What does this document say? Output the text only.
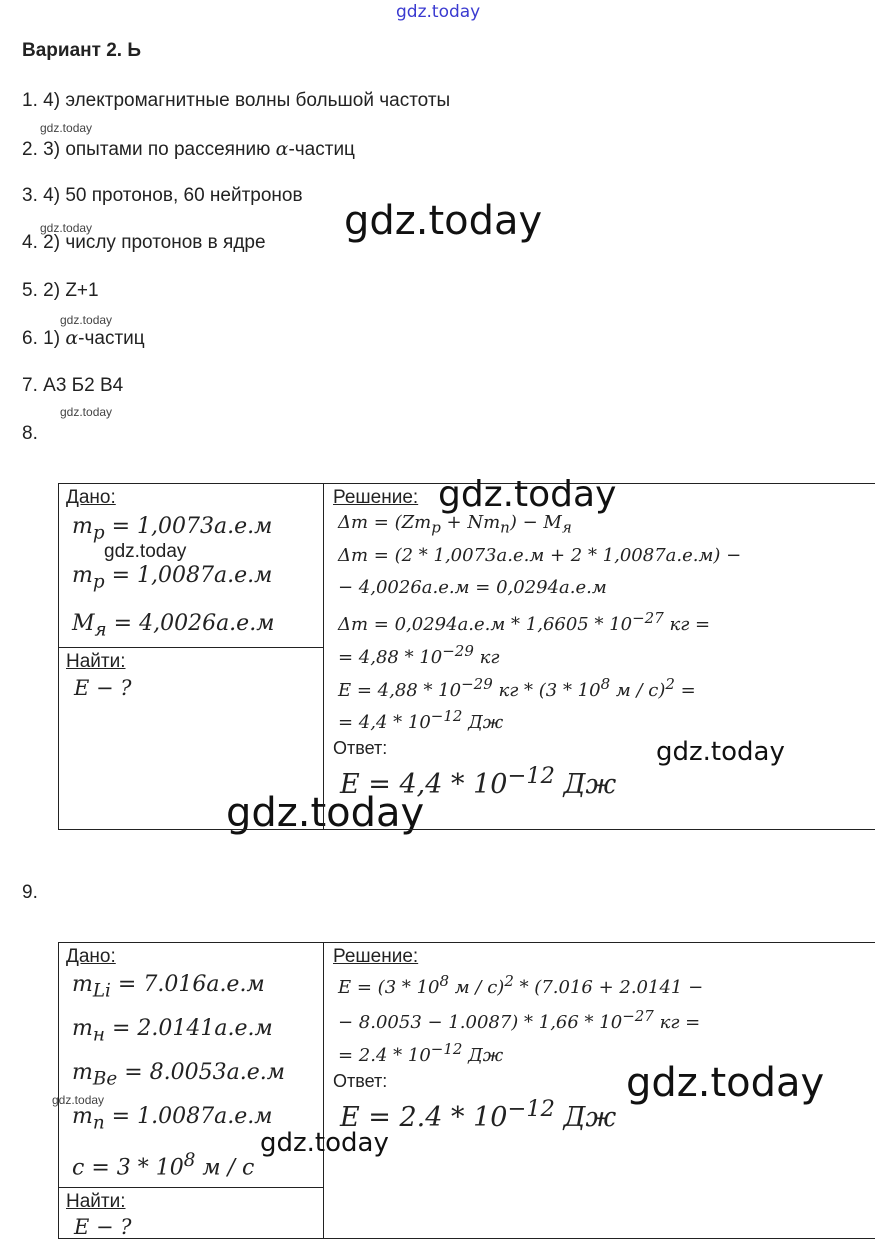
gdz.today
gdz.today
gdz.today
gdz.today
gdz.today
gdz.today
gdz.today
gdz.today
gdz.today
Вариант 2. Ь
1. 4) электромагнитные волны большой частоты
2. 3) опытами по рассеянию α-частиц
3. 4) 50 протонов, 60 нейтронов
4. 2) числу протонов в ядре
5. 2) Z+1
6. 1) α-частиц
7. А3 Б2 В4
8.
9.
Дано:
$m_p = 1,0073а.е.м$
$m_p = 1,0087а.е.м$
$M_я = 4,0026а.е.м$
Найти:
E − ?
Решение:
$\Delta m = (Zm_p + Nm_n) - M_я$
Δm = (2 * 1,0073а.е.м + 2 * 1,0087а.е.м) −
− 4,0026а.е.м = 0,0294а.е.м
$\Delta m = 0,0294а.е.м * 1,6605 * 10^{-27}$ кг =
= $4,88 * 10^{-29}$ кг
$E = 4,88 * 10^{-29}$ кг * ($3 * 10^8$ м / с)$^2$ =
= $4,4 * 10^{-12}$ Дж
Ответ:
$E = 4,4 * 10^{-12}$ Дж
gdz.today
gdz.today
gdz.today
Дано:
$m_{Li} = 7.016а.е.м$
$m_н = 2.0141а.е.м$
$m_{Be} = 8.0053а.е.м$
$m_n = 1.0087а.е.м$
$c = 3 * 10^8$ м / с
Найти:
E − ?
Решение:
$E = (3 * 10^8$ м / с)$^2$ * (7.016 + 2.0141 −
− $8.0053 - 1.0087) * 1,66 * 10^{-27}$ кг =
= $2.4 * 10^{-12}$ Дж
Ответ:
$E = 2.4 * 10^{-12}$ Дж
gdz.today
